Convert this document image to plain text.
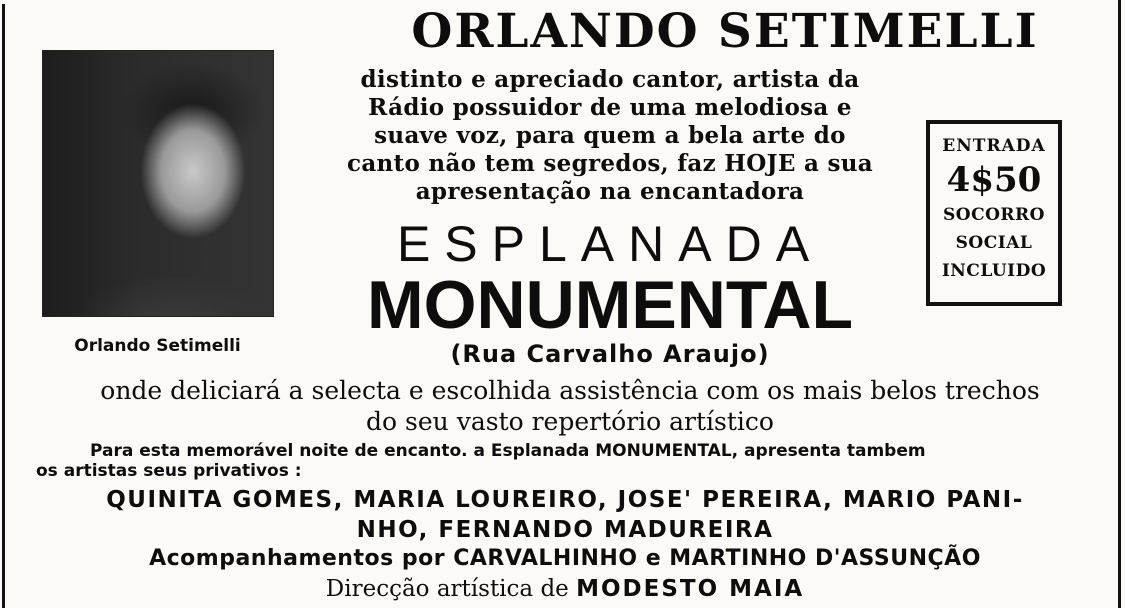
ORLANDO SETIMELLI
Orlando Setimelli
distinto e apreciado cantor, artista da
Rádio possuidor de uma melodiosa e
suave voz, para quem a bela arte do
canto não tem segredos, faz HOJE a sua
apresentação na encantadora
ENTRADA
4$50
SOCORRO
SOCIAL
INCLUIDO
ESPLANADA
MONUMENTAL
(Rua Carvalho Araujo)
onde deliciará a selecta e escolhida assistência com os mais belos trechos
do seu vasto repertório artístico
Para esta memorável noite de encanto. a Esplanada MONUMENTAL, apresenta tambem
os artistas seus privativos :
QUINITA GOMES, MARIA LOUREIRO, JOSE' PEREIRA, MARIO PANI-
NHO, FERNANDO MADUREIRA
Acompanhamentos por CARVALHINHO e MARTINHO D'ASSUNÇÃO
Direcção artística de MODESTO MAIA
